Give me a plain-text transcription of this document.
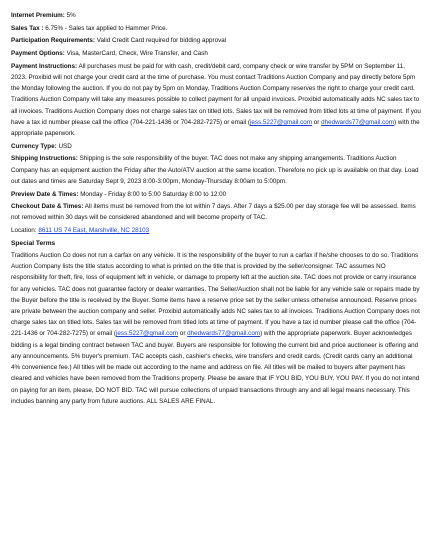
Internet Premium: 5%

Sales Tax : 6.75% - Sales tax applied to Hammer Price.

Participation Requirements: Valid Credit Card required for bidding approval

Payment Options: Visa, MasterCard, Check, Wire Transfer, and Cash

Payment Instructions: All purchases must be paid for with cash, credit/debit card, company check or wire transfer by 5PM on September 11, 2023. Proxibid will not charge your credit card at the time of purchase. You must contact Traditions Auction Company and pay directly before 5pm the Monday following the auction. If you do not pay by 5pm on Monday, Traditions Auction Company reserves the right to charge your credit card. Traditions Auction Company will take any measures possible to collect payment for all unpaid invoices. Proxibid automatically adds NC sales tax to all invoices. Traditions Auction Company does not charge sales tax on titled lots. Sales tax will be removed from titled lots at time of payment. If you have a tax id number please call the office (704-221-1436 or 704-282-7275) or email (jess.5227@gmail.com or dhedwards77@gmail.com) with the appropriate paperwork.

Currency Type: USD

Shipping Instructions: Shipping is the sole responsibility of the buyer. TAC does not make any shipping arrangements. Traditions Auction Company has an equipment auction the Friday after the Auto/ATV auction at the same location. Therefore no pick up is available on that day. Load out dates and times are Saturday Sept 9, 2023 8:00-3:00pm, Monday-Thursday 8:00am to 5:00pm.

Preview Date & Times: Monday - Friday 8:00 to 5:00 Saturday 8:00 to 12:00

Checkout Date & Times: All items must be removed from the lot within 7 days. After 7 days a $25.00 per day storage fee will be assessed. Items not removed within 30 days will be considered abandoned and will become property of TAC.

Location: 8611 US 74 East, Marshville, NC 28103

Special Terms

Traditions Auction Co does not run a carfax on any vehicle. It is the responsibility of the buyer to run a carfax if he/she chooses to do so. Traditions Auction Company lists the title status according to what is printed on the title that is provided by the seller/consigner. TAC assumes NO responsibility for theft, fire, loss of equipment left in vehicle, or damage to property left at the auction site. TAC does not provide or carry insurance for any vehicles. TAC does not guarantee factory or dealer warranties. The Seller/Auction shall not be liable for any vehicle sale or repairs made by the Buyer before the title is received by the Buyer. Some items have a reserve price set by the seller unless otherwise announced. Reserve prices are private between the auction company and seller. Proxibid automatically adds NC sales tax to all invoices. Traditions Auction Company does not charge sales tax on titled lots. Sales tax will be removed from titled lots at time of payment. If you have a tax id number please call the office (704-221-1436 or 704-282-7275) or email (jess.5227@gmail.com or dhedwards77@gmail.com) with the appropriate paperwork. Buyer acknowledges bidding is a legal binding contract between TAC and buyer. Buyers are responsible for following the current bid and price auctioneer is offering and any announcements. 5% buyer's premium. TAC accepts cash, cashier's checks, wire transfers and credit cards. (Credit cards carry an additional 4% convenience fee.) All titles will be made out according to the name and address on file. All titles will be mailed to buyers after payment has cleared and vehicles have been removed from the Traditions property. Please be aware that IF YOU BID, YOU BUY, YOU PAY. If you do not intend on paying for an item, please, DO NOT BID. TAC will pursue collections of unpaid transactions through any and all legal means necessary. This includes banning any party from future auctions. ALL SALES ARE FINAL.
